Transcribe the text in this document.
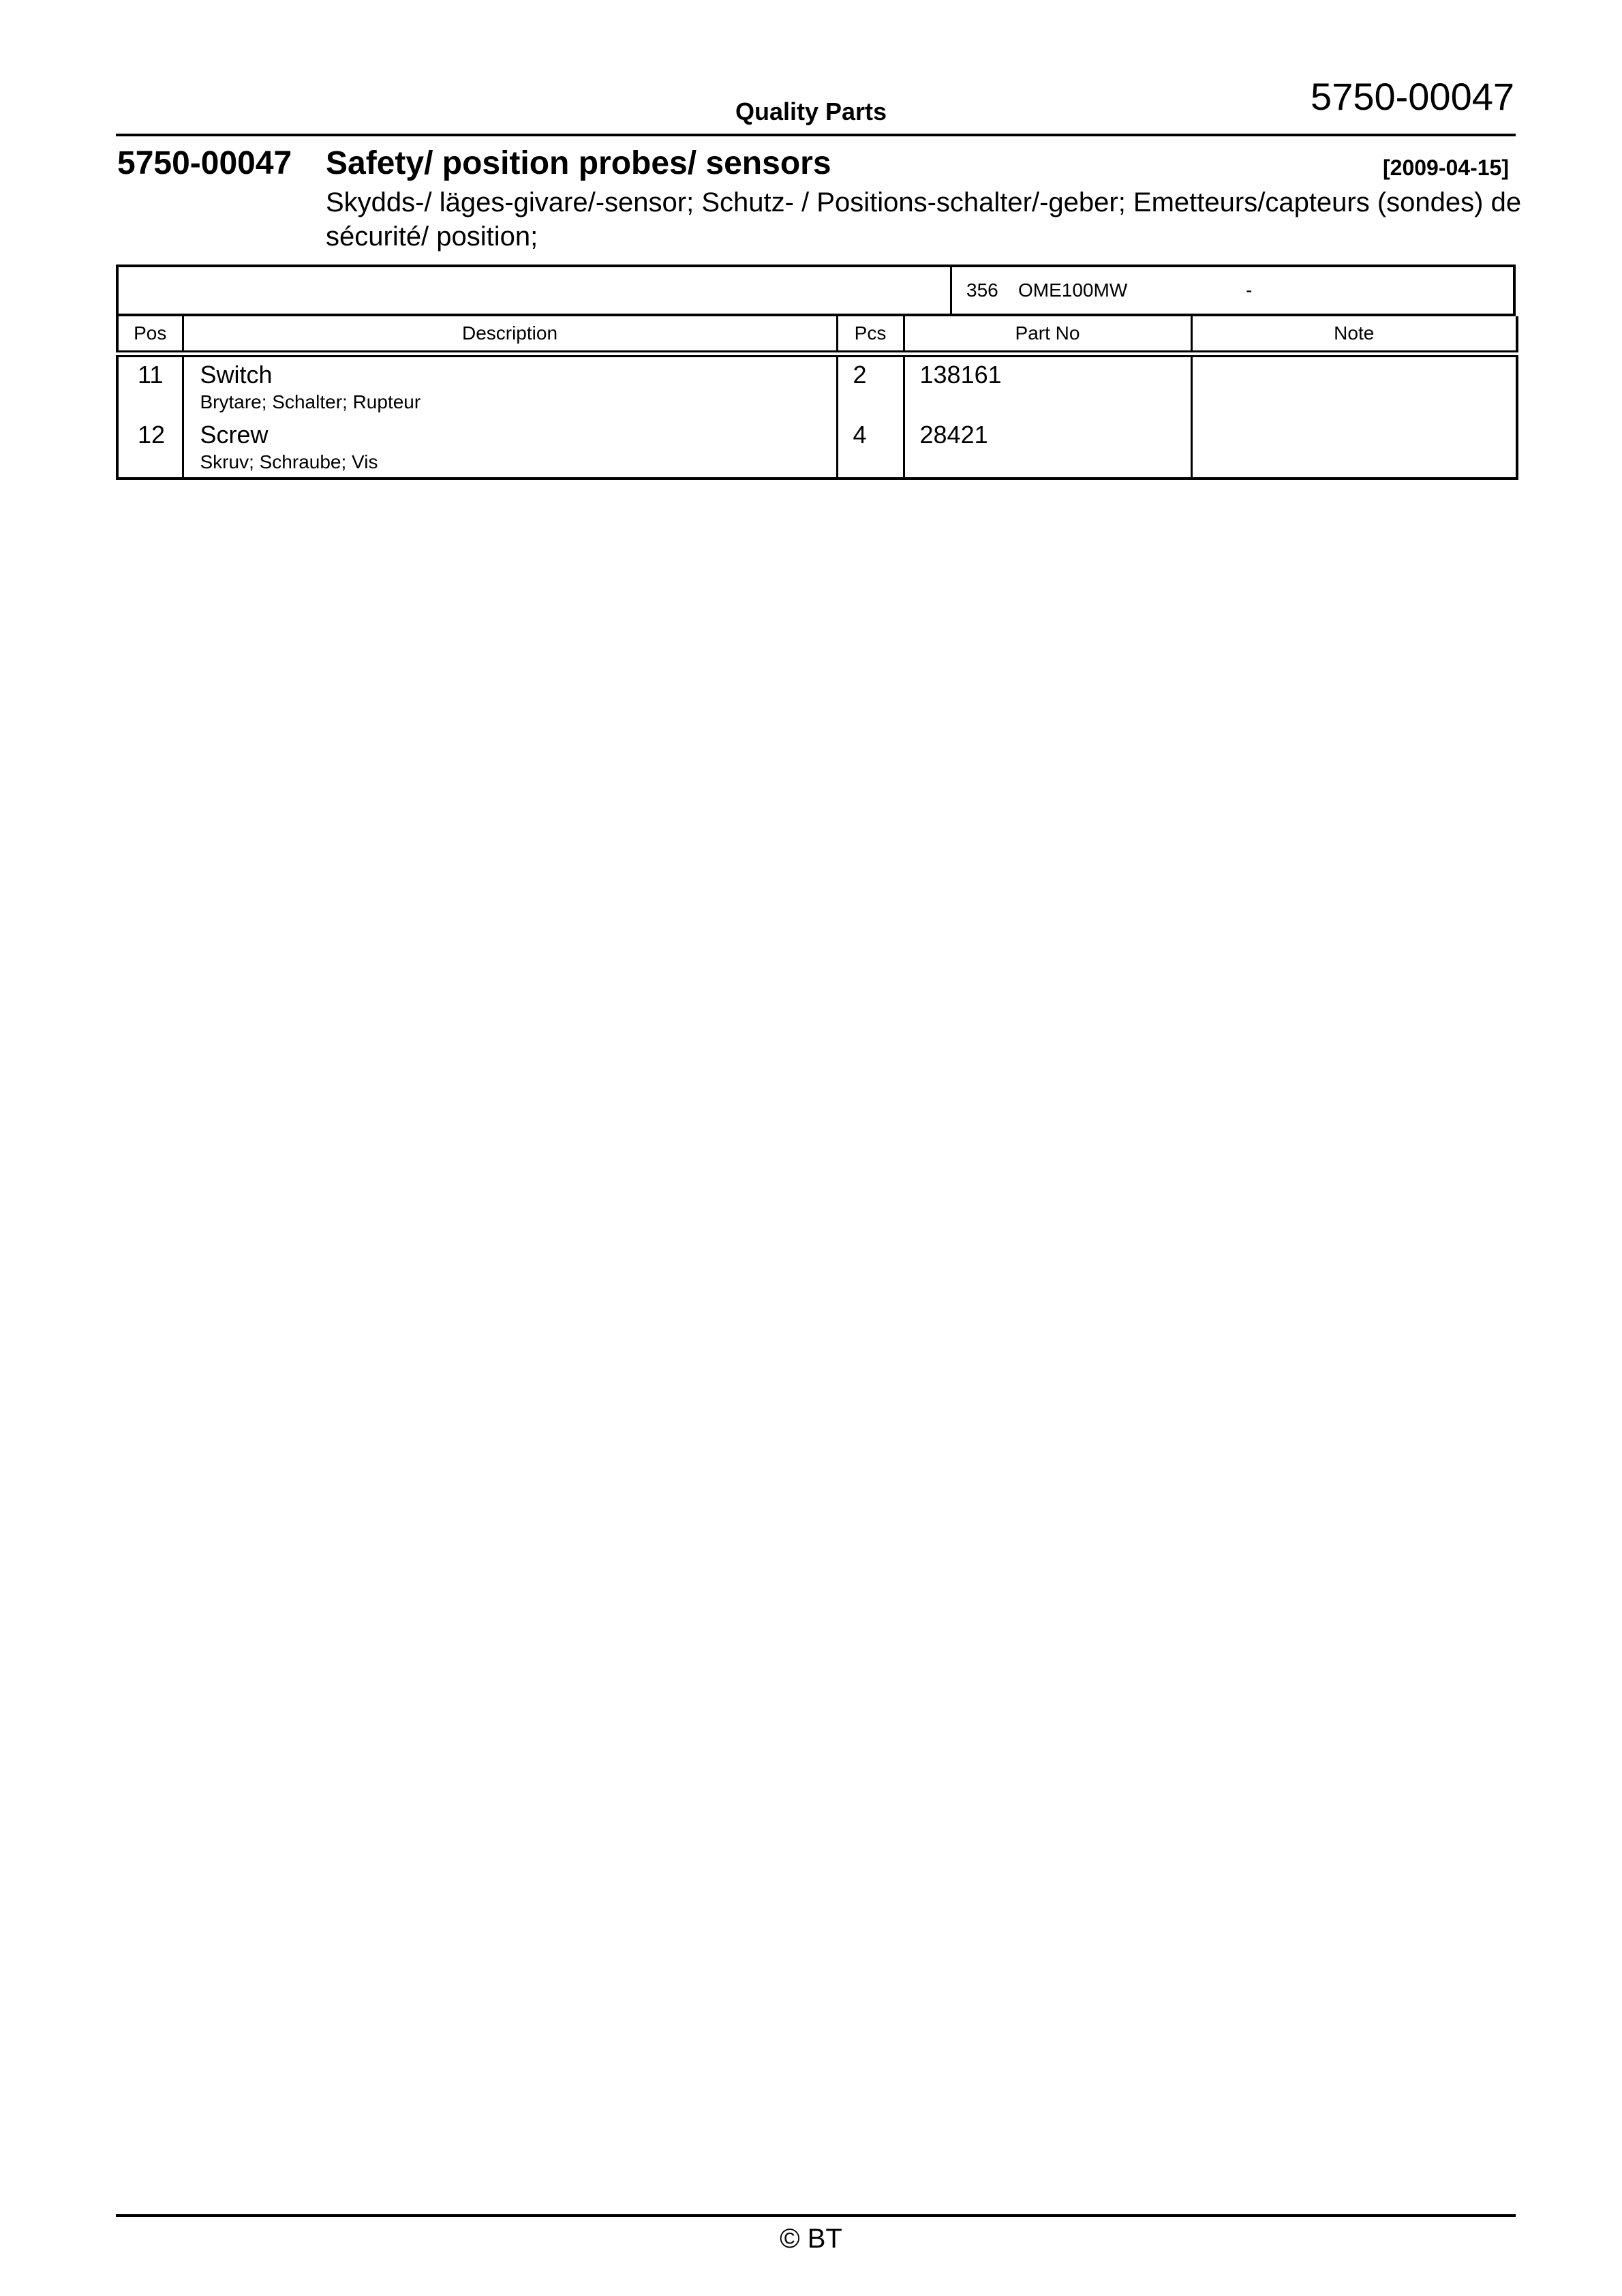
Quality Parts	5750-00047
5750-00047 Safety/ position probes/ sensors	[2009-04-15]
Skydds-/ läges-givare/-sensor; Schutz- / Positions-schalter/-geber; Emetteurs/capteurs (sondes) de sécurité/ position;
356 OME100MW	-
Pos	Description	Pcs	Part No	Note

11	Switch
Brytare; Schalter; Rupteur	2	138161	

12	Screw
Skruv; Schraube; Vis	4	28421	

© BT
